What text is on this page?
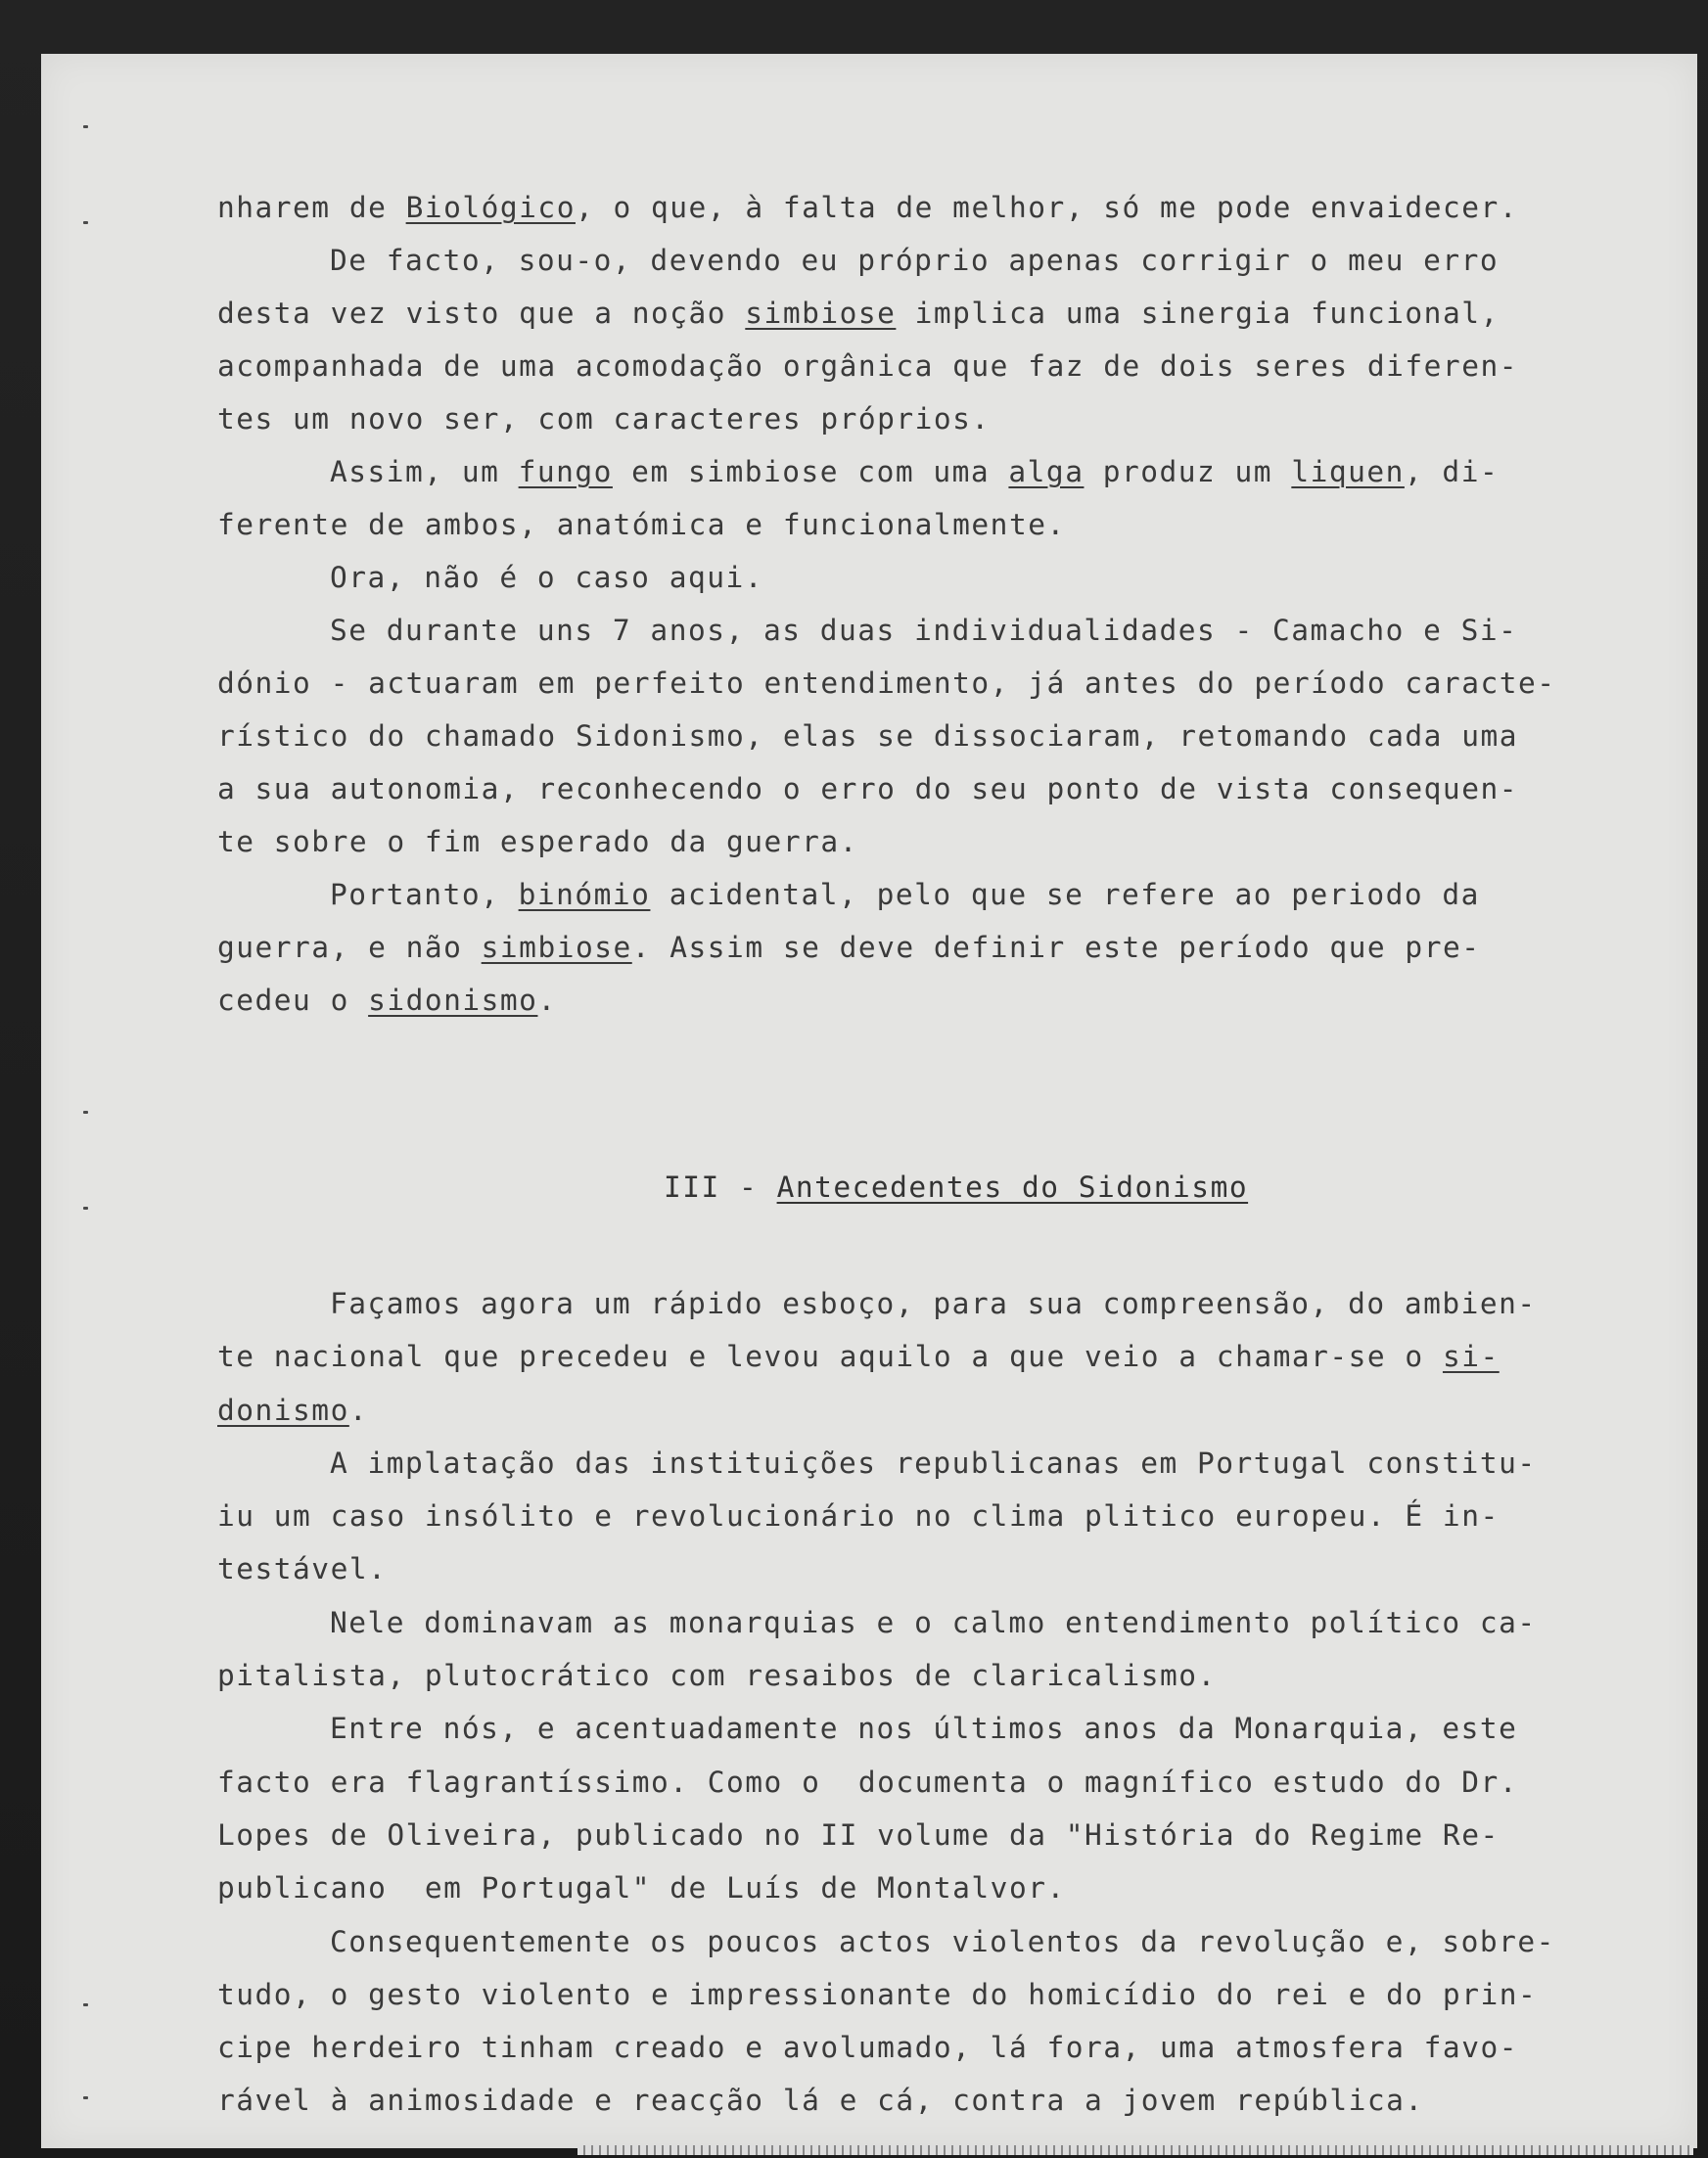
nharem de Biológico, o que, à falta de melhor, só me pode envaidecer.
De facto, sou-o, devendo eu próprio apenas corrigir o meu erro
desta vez visto que a noção simbiose implica uma sinergia funcional,
acompanhada de uma acomodação orgânica que faz de dois seres diferen-
tes um novo ser, com caracteres próprios.
Assim, um fungo em simbiose com uma alga produz um liquen, di-
ferente de ambos, anatómica e funcionalmente.
Ora, não é o caso aqui.
Se durante uns 7 anos, as duas individualidades - Camacho e Si-
dónio - actuaram em perfeito entendimento, já antes do período caracte-
rístico do chamado Sidonismo, elas se dissociaram, retomando cada uma
a sua autonomia, reconhecendo o erro do seu ponto de vista consequen-
te sobre o fim esperado da guerra.
Portanto, binómio acidental, pelo que se refere ao periodo da
guerra, e não simbiose. Assim se deve definir este período que pre-
cedeu o sidonismo.
III - Antecedentes do Sidonismo
Façamos agora um rápido esboço, para sua compreensão, do ambien-
te nacional que precedeu e levou aquilo a que veio a chamar-se o si-
donismo.
A implatação das instituições republicanas em Portugal constitu-
iu um caso insólito e revolucionário no clima plitico europeu. É in-
testável.
Nele dominavam as monarquias e o calmo entendimento político ca-
pitalista, plutocrático com resaibos de claricalismo.
Entre nós, e acentuadamente nos últimos anos da Monarquia, este
facto era flagrantíssimo. Como o  documenta o magnífico estudo do Dr.
Lopes de Oliveira, publicado no II volume da "História do Regime Re-
publicano  em Portugal" de Luís de Montalvor.
Consequentemente os poucos actos violentos da revolução e, sobre-
tudo, o gesto violento e impressionante do homicídio do rei e do prin-
cipe herdeiro tinham creado e avolumado, lá fora, uma atmosfera favo-
rável à animosidade e reacção lá e cá, contra a jovem república.
